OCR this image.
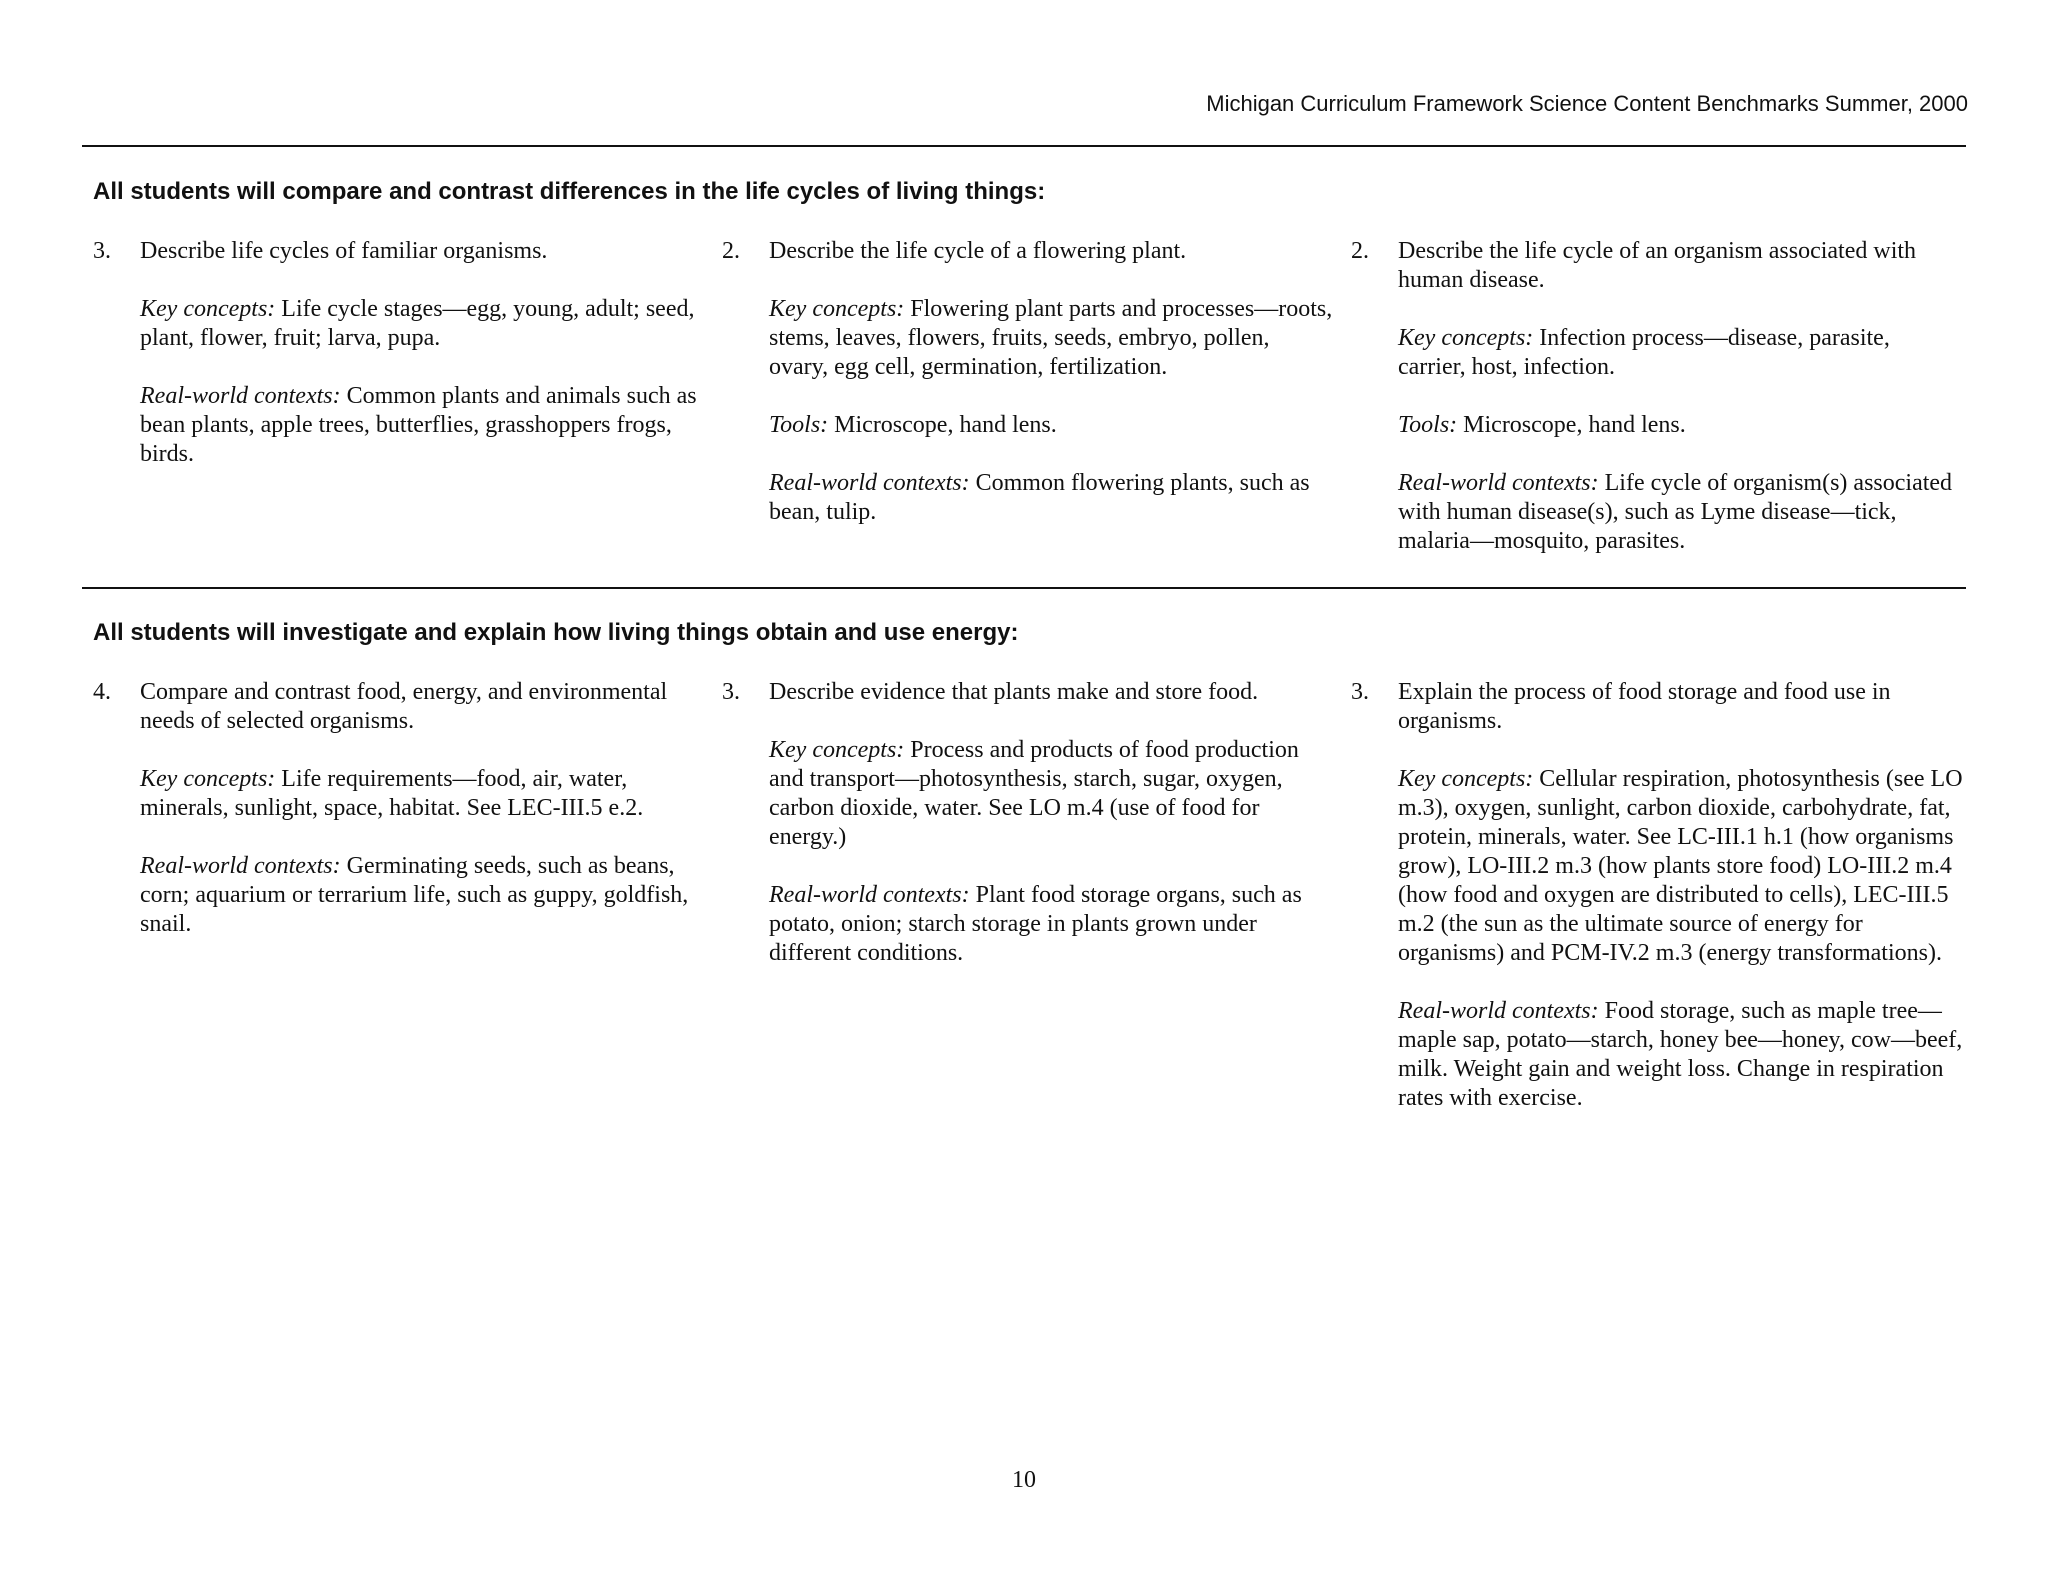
Michigan Curriculum Framework Science Content Benchmarks Summer, 2000
All students will compare and contrast differences in the life cycles of living things:
3. Describe life cycles of familiar organisms.

Key concepts: Life cycle stages—egg, young, adult; seed, plant, flower, fruit; larva, pupa.

Real-world contexts: Common plants and animals such as bean plants, apple trees, butterflies, grasshoppers frogs, birds.

2. Describe the life cycle of a flowering plant.

Key concepts: Flowering plant parts and processes—roots, stems, leaves, flowers, fruits, seeds, embryo, pollen, ovary, egg cell, germination, fertilization.

Tools: Microscope, hand lens.

Real-world contexts: Common flowering plants, such as bean, tulip.

2. Describe the life cycle of an organism associated with human disease.

Key concepts: Infection process—disease, parasite, carrier, host, infection.

Tools: Microscope, hand lens.

Real-world contexts: Life cycle of organism(s) associated with human disease(s), such as Lyme disease—tick, malaria—mosquito, parasites.

All students will investigate and explain how living things obtain and use energy:
4. Compare and contrast food, energy, and environmental needs of selected organisms.

Key concepts: Life requirements—food, air, water, minerals, sunlight, space, habitat. See LEC-III.5 e.2.

Real-world contexts: Germinating seeds, such as beans, corn; aquarium or terrarium life, such as guppy, goldfish, snail.

3. Describe evidence that plants make and store food.

Key concepts: Process and products of food production and transport—photosynthesis, starch, sugar, oxygen, carbon dioxide, water. See LO m.4 (use of food for energy.)

Real-world contexts: Plant food storage organs, such as potato, onion; starch storage in plants grown under different conditions.

3. Explain the process of food storage and food use in organisms.

Key concepts: Cellular respiration, photosynthesis (see LO m.3), oxygen, sunlight, carbon dioxide, carbohydrate, fat, protein, minerals, water. See LC-III.1 h.1 (how organisms grow), LO-III.2 m.3 (how plants store food) LO-III.2 m.4 (how food and oxygen are distributed to cells), LEC-III.5 m.2 (the sun as the ultimate source of energy for organisms) and PCM-IV.2 m.3 (energy transformations).

Real-world contexts: Food storage, such as maple tree—maple sap, potato—starch, honey bee—honey, cow—beef, milk. Weight gain and weight loss. Change in respiration rates with exercise.

10
